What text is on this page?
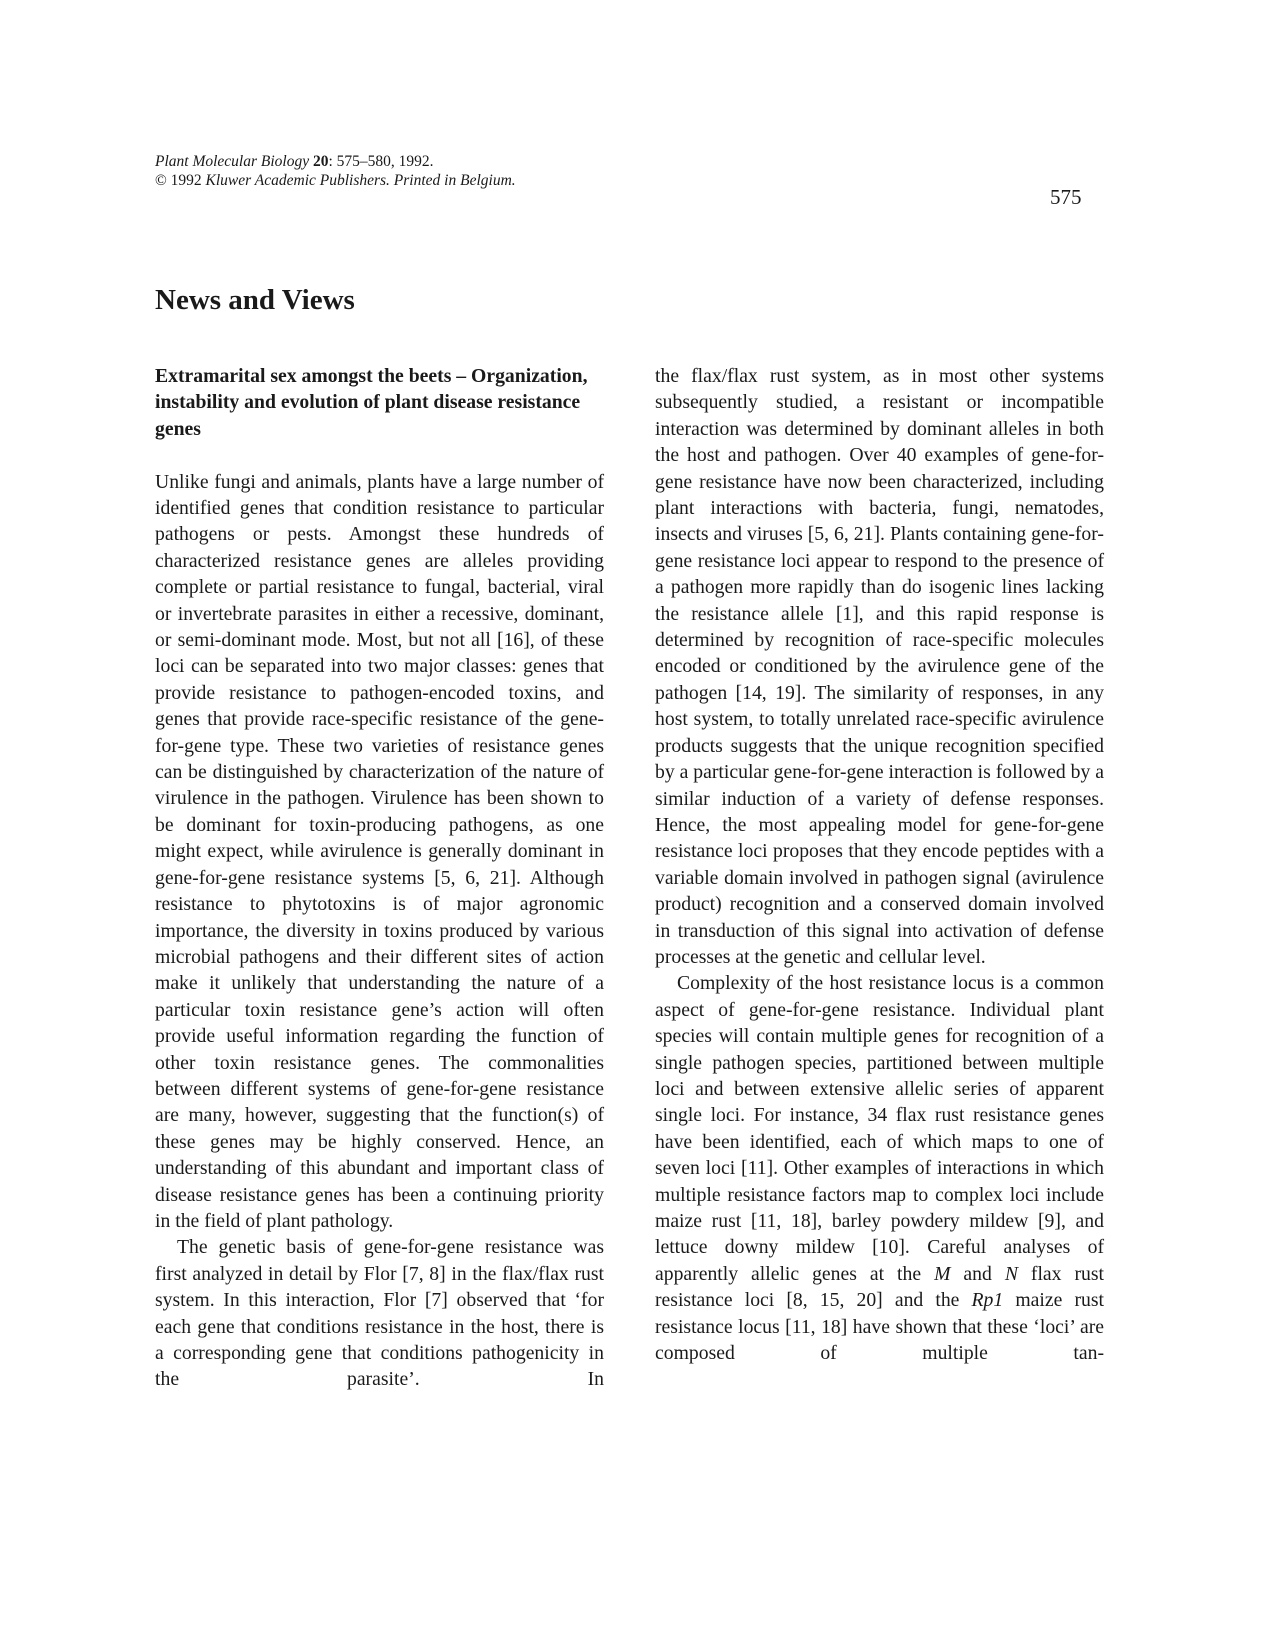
Plant Molecular Biology 20: 575–580, 1992.
© 1992 Kluwer Academic Publishers. Printed in Belgium.
575
News and Views
Extramarital sex amongst the beets – Organization, instability and evolution of plant disease resistance genes

Unlike fungi and animals, plants have a large number of identified genes that condition resistance to particular pathogens or pests. Amongst these hundreds of characterized resistance genes are alleles providing complete or partial resistance to fungal, bacterial, viral or invertebrate parasites in either a recessive, dominant, or semi-dominant mode. Most, but not all [16], of these loci can be separated into two major classes: genes that provide resistance to pathogen-encoded toxins, and genes that provide race-specific resistance of the gene-for-gene type. These two varieties of resistance genes can be distinguished by characterization of the nature of virulence in the pathogen. Virulence has been shown to be dominant for toxin-producing pathogens, as one might expect, while avirulence is generally dominant in gene-for-gene resistance systems [5, 6, 21]. Although resistance to phytotoxins is of major agronomic importance, the diversity in toxins produced by various microbial pathogens and their different sites of action make it unlikely that understanding the nature of a particular toxin resistance gene’s action will often provide useful information regarding the function of other toxin resistance genes. The commonalities between different systems of gene-for-gene resistance are many, however, suggesting that the function(s) of these genes may be highly conserved. Hence, an understanding of this abundant and important class of disease resistance genes has been a continuing priority in the field of plant pathology.

The genetic basis of gene-for-gene resistance was first analyzed in detail by Flor [7, 8] in the flax/flax rust system. In this interaction, Flor [7] observed that ‘for each gene that conditions resistance in the host, there is a corresponding gene that conditions pathogenicity in the parasite’. In

the flax/flax rust system, as in most other systems subsequently studied, a resistant or incompatible interaction was determined by dominant alleles in both the host and pathogen. Over 40 examples of gene-for-gene resistance have now been characterized, including plant interactions with bacteria, fungi, nematodes, insects and viruses [5, 6, 21]. Plants containing gene-for-gene resistance loci appear to respond to the presence of a pathogen more rapidly than do isogenic lines lacking the resistance allele [1], and this rapid response is determined by recognition of race-specific molecules encoded or conditioned by the avirulence gene of the pathogen [14, 19]. The similarity of responses, in any host system, to totally unrelated race-specific avirulence products suggests that the unique recognition specified by a particular gene-for-gene interaction is followed by a similar induction of a variety of defense responses. Hence, the most appealing model for gene-for-gene resistance loci proposes that they encode peptides with a variable domain involved in pathogen signal (avirulence product) recognition and a conserved domain involved in transduction of this signal into activation of defense processes at the genetic and cellular level.

Complexity of the host resistance locus is a common aspect of gene-for-gene resistance. Individual plant species will contain multiple genes for recognition of a single pathogen species, partitioned between multiple loci and between extensive allelic series of apparent single loci. For instance, 34 flax rust resistance genes have been identified, each of which maps to one of seven loci [11]. Other examples of interactions in which multiple resistance factors map to complex loci include maize rust [11, 18], barley powdery mildew [9], and lettuce downy mildew [10]. Careful analyses of apparently allelic genes at the M and N flax rust resistance loci [8, 15, 20] and the Rp1 maize rust resistance locus [11, 18] have shown that these ‘loci’ are composed of multiple tan-
